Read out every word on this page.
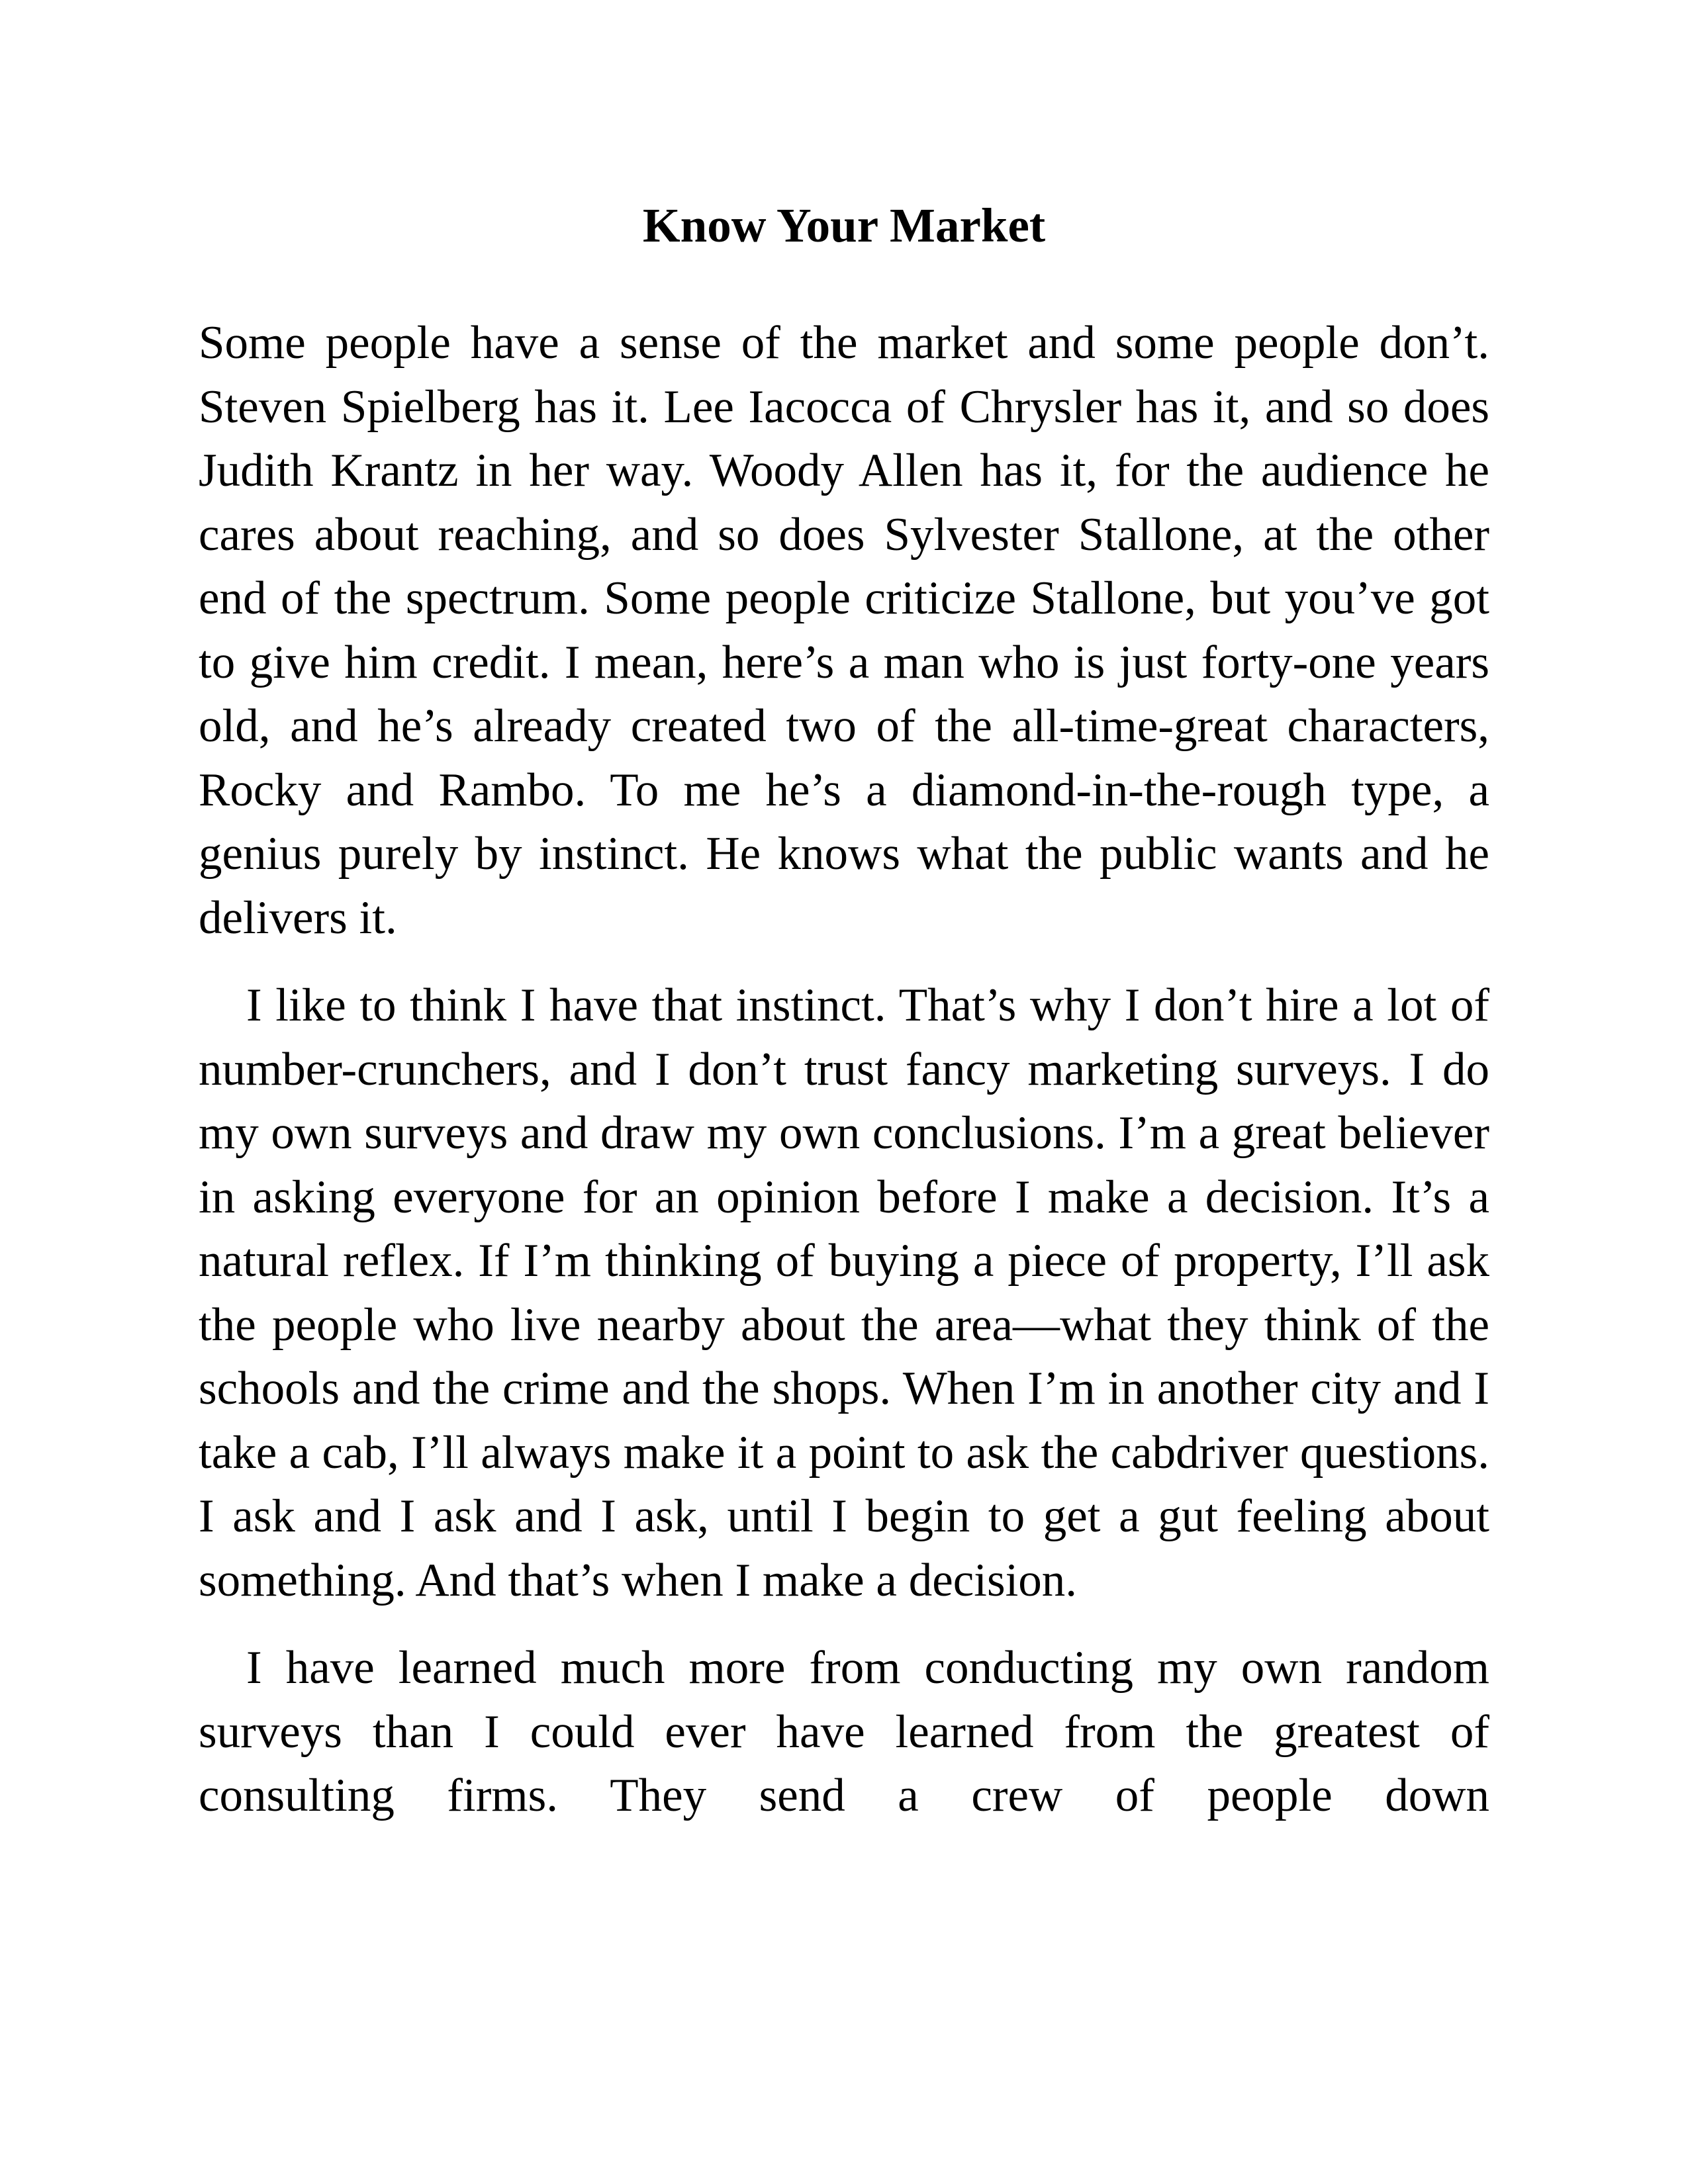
Know Your Market

Some people have a sense of the market and some people don’t. Steven Spielberg has it. Lee Iacocca of Chrysler has it, and so does Judith Krantz in her way. Woody Allen has it, for the audience he cares about reaching, and so does Sylvester Stallone, at the other end of the spectrum. Some people criticize Stallone, but you’ve got to give him credit. I mean, here’s a man who is just forty-one years old, and he’s already created two of the all-time-great characters, Rocky and Rambo. To me he’s a diamond-in-the-rough type, a genius purely by instinct. He knows what the public wants and he delivers it.

I like to think I have that instinct. That’s why I don’t hire a lot of number-crunchers, and I don’t trust fancy marketing surveys. I do my own surveys and draw my own conclusions. I’m a great believer in asking everyone for an opinion before I make a decision. It’s a natural reflex. If I’m thinking of buying a piece of property, I’ll ask the people who live nearby about the area—what they think of the schools and the crime and the shops. When I’m in another city and I take a cab, I’ll always make it a point to ask the cabdriver questions. I ask and I ask and I ask, until I begin to get a gut feeling about something. And that’s when I make a decision.

I have learned much more from conducting my own random surveys than I could ever have learned from the greatest of consulting firms. They send a crew of people down
